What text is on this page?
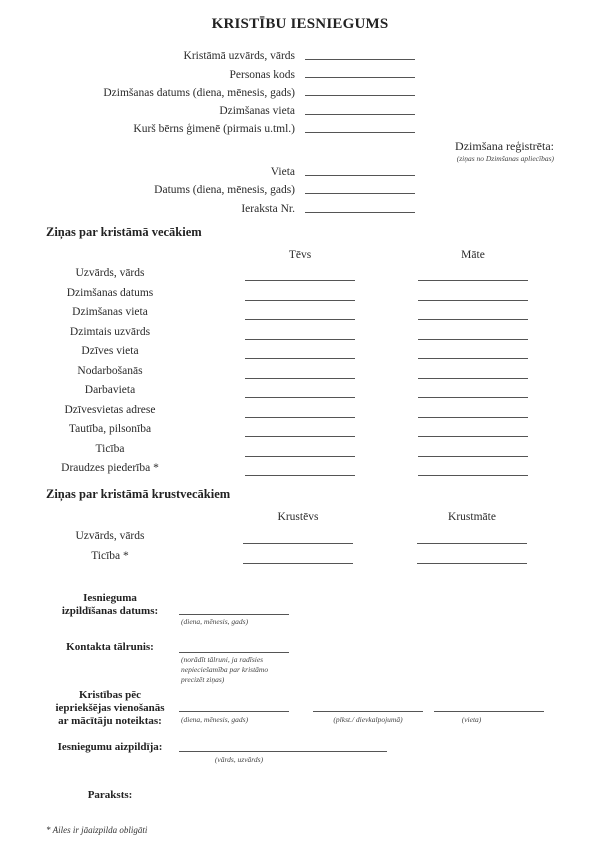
KRISTĪBU IESNIEGUMS
Kristāmā uzvārds, vārds
Personas kods
Dzimšanas datums (diena, mēnesis, gads)
Dzimšanas vieta
Kurš bērns ģimenē (pirmais u.tml.)
Dzimšana reģistrēta:
(ziņas no Dzimšanas apliecības)
Vieta
Datums (diena, mēnesis, gads)
Ieraksta Nr.
Ziņas par kristāmā vecākiem
Tēvs	Māte
Uzvārds, vārds
Dzimšanas datums
Dzimšanas vieta
Dzimtais uzvārds
Dzīves vieta
Nodarbošanās
Darbavieta
Dzīvesvietas adrese
Tautība, pilsonība
Ticība
Draudzes piederība *
Ziņas par kristāmā krustvecākiem
Krustēvs	Krustmāte
Uzvārds, vārds
Ticība *
Iesnieguma
izpildīšanas datums:
(diena, mēnesis, gads)
Kontakta tālrunis:
(norādīt tālruni, ja radīsies
nepieciešamība par kristāmo
precizēt ziņas)
Kristības pēc
iepriekšējas vienošanās
ar mācītāju noteiktas:	(diena, mēnesis, gads)	(plkst./ dievkalpojumā)	(vieta)
Iesniegumu aizpildīja:
(vārds, uzvārds)
Paraksts:
* Ailes ir jāaizpilda obligāti
